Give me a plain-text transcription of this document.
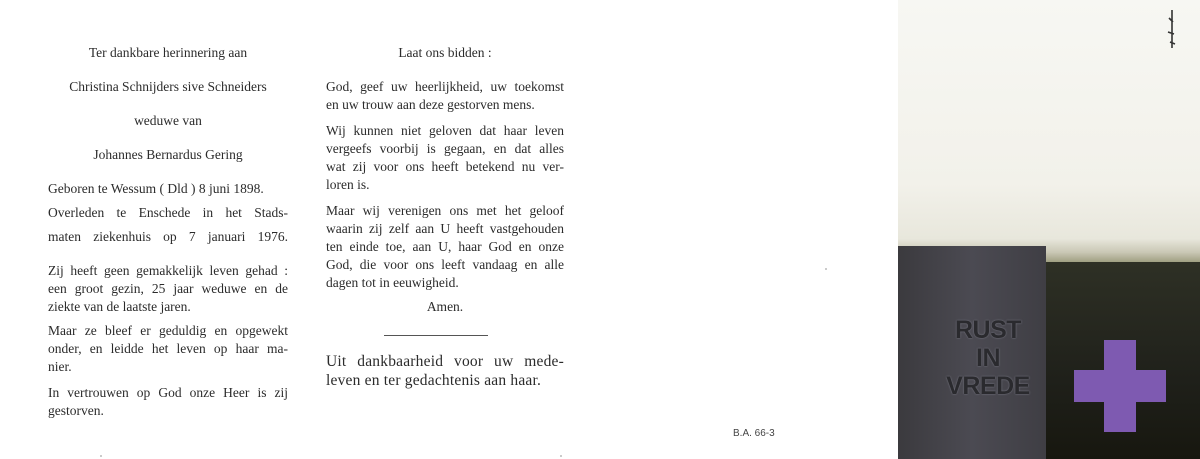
Ter dankbare herinnering aan
Christina Schnijders sive Schneiders
weduwe van
Johannes Bernardus Gering
Geboren te Wessum ( Dld ) 8 juni 1898.
Overleden te Enschede in het Stads-
maten ziekenhuis op 7 januari 1976.
Zij heeft geen gemakkelijk leven gehad :
een groot gezin, 25 jaar weduwe en de
ziekte van de laatste jaren.
Maar ze bleef er geduldig en opgewekt
onder, en leidde het leven op haar ma-
nier.
In vertrouwen op God onze Heer is zij
gestorven.
Laat ons bidden :
God, geef uw heerlijkheid, uw toekomst
en uw trouw aan deze gestorven mens.
Wij kunnen niet geloven dat haar leven
vergeefs voorbij is gegaan, en dat alles
wat zij voor ons heeft betekend nu ver-
loren is.
Maar wij verenigen ons met het geloof
waarin zij zelf aan U heeft vastgehouden
ten einde toe, aan U, haar God en onze
God, die voor ons leeft vandaag en alle
dagen tot in eeuwigheid.
Amen.
Uit dankbaarheid voor uw mede-
leven en ter gedachtenis aan haar.
B.A. 66-3
RUST
IN
VREDE
